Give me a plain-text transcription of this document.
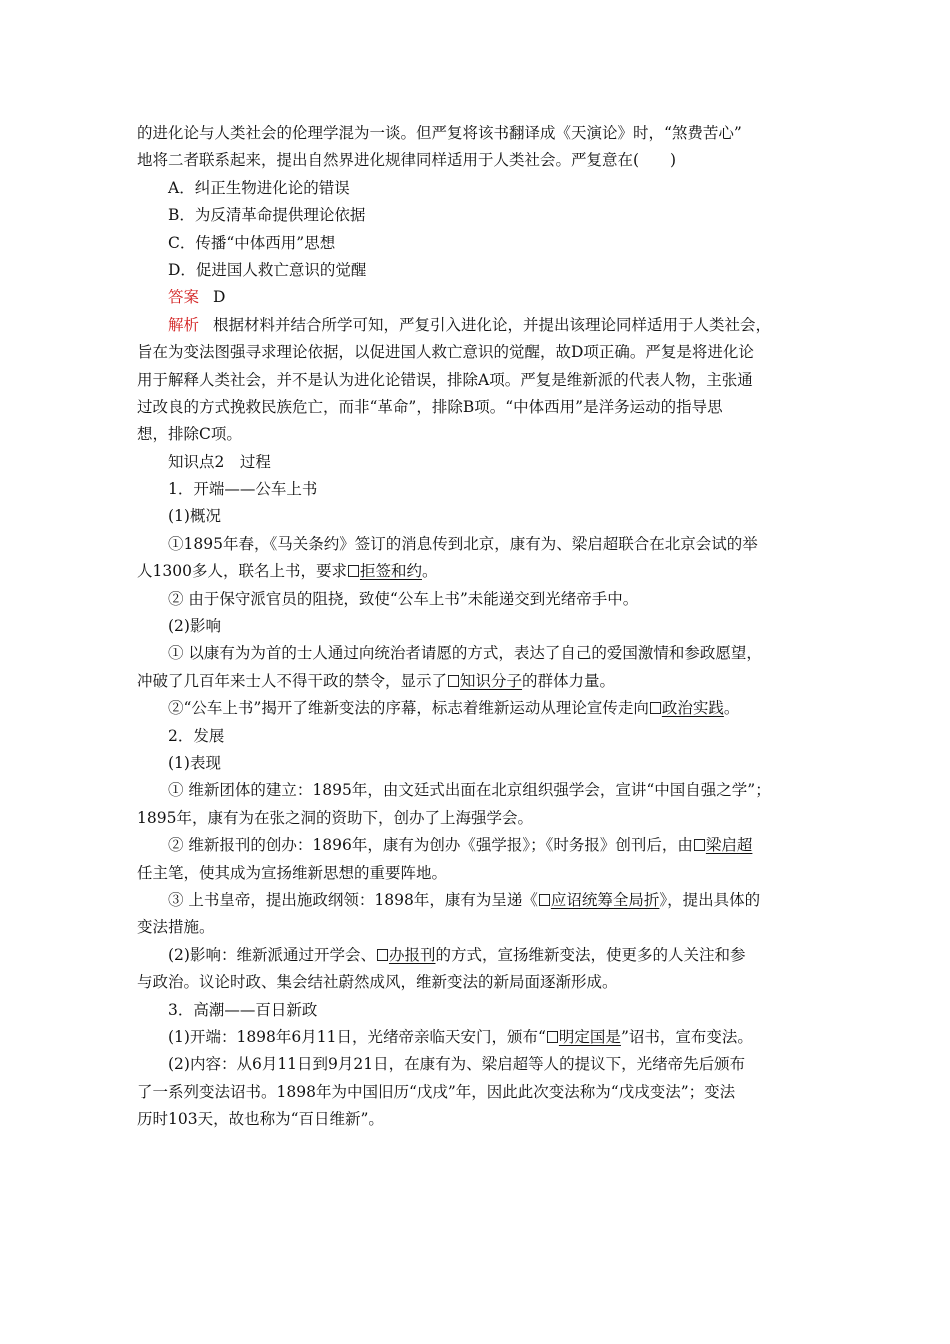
的进化论与人类社会的伦理学混为一谈。但严复将该书翻译成《天演论》时，“煞费苦心”
地将二者联系起来，提出自然界进化规律同样适用于人类社会。严复意在(　　)
A．纠正生物进化论的错误
B．为反清革命提供理论依据
C．传播“中体西用”思想
D．促进国人救亡意识的觉醒
答案 D
解析 根据材料并结合所学可知，严复引入进化论，并提出该理论同样适用于人类社会，
旨在为变法图强寻求理论依据，以促进国人救亡意识的觉醒，故D项正确。严复是将进化论
用于解释人类社会，并不是认为进化论错误，排除A项。严复是维新派的代表人物，主张通
过改良的方式挽救民族危亡，而非“革命”，排除B项。“中体西用”是洋务运动的指导思
想，排除C项。
知识点2　过程
1．开端——公车上书
(1)概况
①1895年春，《马关条约》签订的消息传到北京，康有为、梁启超联合在北京会试的举
人1300多人，联名上书，要求 拒签和约。
② 由于保守派官员的阻挠，致使“公车上书”未能递交到光绪帝手中。
(2)影响
① 以康有为为首的士人通过向统治者请愿的方式，表达了自己的爱国激情和参政愿望，
冲破了几百年来士人不得干政的禁令，显示了 知识分子的群体力量。
②“公车上书”揭开了维新变法的序幕，标志着维新运动从理论宣传走向 政治实践。
2．发展
(1)表现
① 维新团体的建立：1895年，由文廷式出面在北京组织强学会，宣讲“中国自强之学”；
1895年，康有为在张之洞的资助下，创办了上海强学会。
② 维新报刊的创办：1896年，康有为创办《强学报》；《时务报》创刊后，由 梁启超
任主笔，使其成为宣扬维新思想的重要阵地。
③ 上书皇帝，提出施政纲领：1898年，康有为呈递《 应诏统筹全局折》，提出具体的
变法措施。
(2)影响：维新派通过开学会、 办报刊的方式，宣扬维新变法，使更多的人关注和参
与政治。议论时政、集会结社蔚然成风，维新变法的新局面逐渐形成。
3．高潮——百日新政
(1)开端：1898年6月11日，光绪帝亲临天安门，颁布“ 明定国是”诏书，宣布变法。
(2)内容：从6月11日到9月21日，在康有为、梁启超等人的提议下，光绪帝先后颁布
了一系列变法诏书。1898年为中国旧历“戊戌”年，因此此次变法称为“戊戌变法”；变法
历时103天，故也称为“百日维新”。
